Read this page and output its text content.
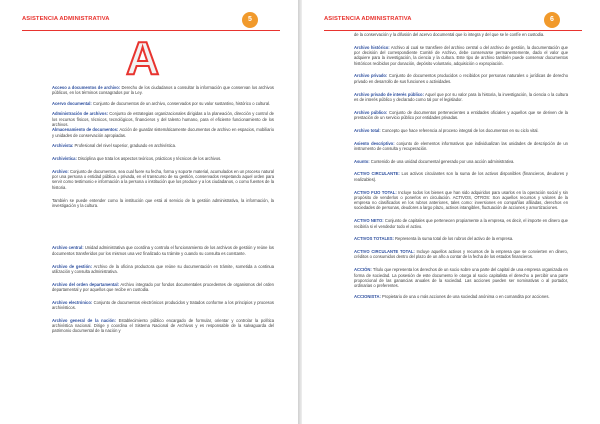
ASISTENCIA ADMINISTRATIVA	5
A

Acceso a documentos de archivo: Derecho de los ciudadanos a consultar la información que conservan los archivos públicos, en los términos consagrados por la Ley.

Acervo documental: Conjunto de documentos de un archivo, conservados por su valor sustantivo, histórico o cultural.

Administración de archivos: Conjunto de estrategias organizacionales dirigidas a la planeación, dirección y control de los recursos físicos, técnicos, tecnológicos, financieros y del talento humano, para el eficiente funcionamiento de los archivos.

Almacenamiento de documentos: Acción de guardar sistemáticamente documentos de archivo en espacios, mobiliario y unidades de conservación apropiadas.

Archivista: Profesional del nivel superior, graduado en archivística.

Archivística: Disciplina que trata los aspectos teóricos, prácticos y técnicos de los archivos.

Archivo: Conjunto de documentos, sea cual fuere su fecha, forma y soporte material, acumulados en un proceso natural por una persona o entidad pública o privada, en el transcurso de su gestión, conservados respetando aquel orden para servir como testimonio e información a la persona o institución que los produce y a los ciudadanos, o como fuentes de la historia.

También se puede entender como la institución que está al servicio de la gestión administrativa, la información, la investigación y la cultura.

Archivo central: Unidad administrativa que coordina y controla el funcionamiento de los archivos de gestión y reúne los documentos transferidos por los mismos una vez finalizado su trámite y cuando su consulta es constante.

Archivo de gestión: Archivo de la oficina productora que reúne su documentación en trámite, sometida a continua utilización y consulta administrativa.

Archivo del orden departamental: Archivo integrado por fondos documentales procedentes de organismos del orden departamental y por aquellos que recibe en custodia.

Archivo electrónico: Conjunto de documentos electrónicos producidos y tratados conforme a los principios y procesos archivísticos.

Archivo general de la nación: Establecimiento público encargado de formular, orientar y controlar la política archivística nacional. Dirige y coordina el Sistema Nacional de Archivos y es responsable de la salvaguarda del patrimonio documental de la nación y

ASISTENCIA ADMINISTRATIVA	6

de la conservación y la difusión del acervo documental que lo integra y del que se le confíe en custodia.

Archivo histórico: Archivo al cual se transfiere del archivo central o del archivo de gestión, la documentación que por decisión del correspondiente Comité de Archivo, debe conservarse permanentemente, dado el valor que adquiere para la investigación, la ciencia y la cultura. Este tipo de archivo también puede conservar documentos históricos recibidos por donación, depósito voluntario, adquisición o expropiación.

Archivo privado: Conjunto de documentos producidos o recibidos por personas naturales o jurídicas de derecho privado en desarrollo de sus funciones o actividades.

Archivo privado de interés público: Aquel que por su valor para la historia, la investigación, la ciencia o la cultura es de interés público y declarado como tal por el legislador.

Archivo público: Conjunto de documentos pertenecientes a entidades oficiales y aquellos que se deriven de la prestación de un servicio público por entidades privadas.

Archivo total: Concepto que hace referencia al proceso integral de los documentos en su ciclo vital.

Asiento descriptivo: conjunto de elementos informativos que individualizan las unidades de descripción de un instrumento de consulta y recuperación.

Asunto: Contenido de una unidad documental generado por una acción administrativa.

ACTIVO CIRCULANTE: Los activos circulantes son la suma de los activos disponibles (financieros, deudores y realizables).

ACTIVO FIJO TOTAL: Incluye todos los bienes que han sido adquiridos para usarlos en la operación social y sin propósito de venderlos o ponerlos en circulación. ACTIVOS, OTROS: Son aquellos recursos y valores de la empresa no clasificados en los rubros anteriores, tales como: inversiones en compañías afiliadas, derechos en sociedades de personas, deudores a largo plazo, activos intangibles, fluctuación de acciones y amortizaciones.

ACTIVO NETO: Conjunto de capitales que pertenecen propiamente a la empresa, es decir, el importe en dinero que recibiría si el vendedor todo el activo.

ACTIVOS TOTALES: Representa la suma total de los rubros del activo de la empresa.

ACTIVO CIRCULANTE TOTAL: Incluye aquellos activos y recursos de la empresa que se convierten en dinero, créditos o consumidos dentro del plazo de un año a contar de la fecha de los estados financieros.

ACCIÓN: Título que representa los derechos de un socio sobre una parte del capital de una empresa organizada en forma de sociedad. La posesión de este documento le otorga al socio capitalista el derecho a percibir una parte proporcional de las ganancias anuales de la sociedad. Las acciones pueden ser nominativas o al portador, ordinarias o preferentes.

ACCIONISTA: Propietario de una o más acciones de una sociedad anónima o en comandita por acciones.
